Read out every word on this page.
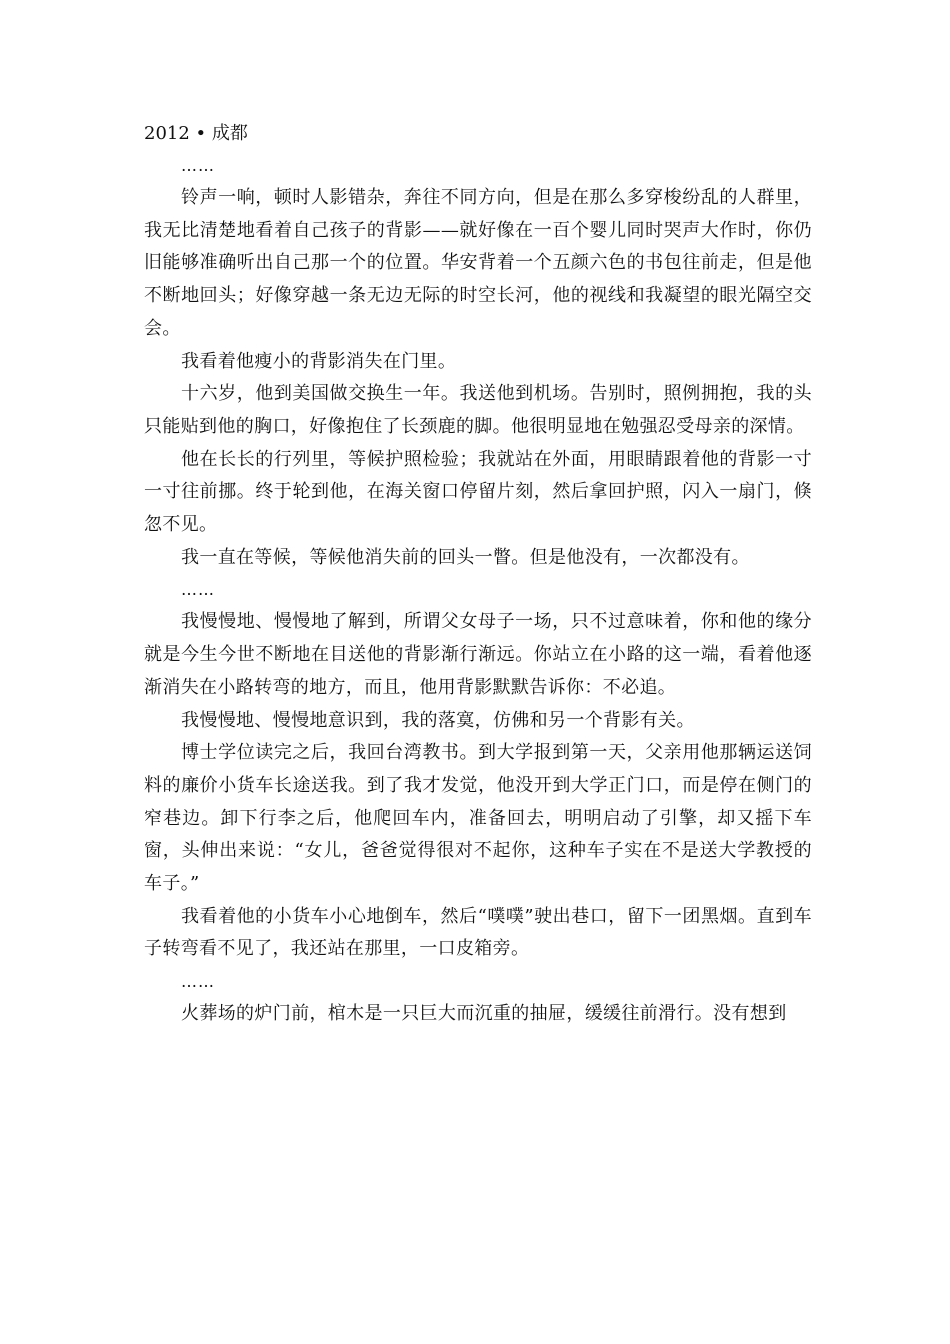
2012 • 成都

……

铃声一响，顿时人影错杂，奔往不同方向，但是在那么多穿梭纷乱的人群里，我无比清楚地看着自己孩子的背影——就好像在一百个婴儿同时哭声大作时，你仍旧能够准确听出自己那一个的位置。华安背着一个五颜六色的书包往前走，但是他不断地回头；好像穿越一条无边无际的时空长河，他的视线和我凝望的眼光隔空交会。

我看着他瘦小的背影消失在门里。

十六岁，他到美国做交换生一年。我送他到机场。告别时，照例拥抱，我的头只能贴到他的胸口，好像抱住了长颈鹿的脚。他很明显地在勉强忍受母亲的深情。

他在长长的行列里，等候护照检验；我就站在外面，用眼睛跟着他的背影一寸一寸往前挪。终于轮到他，在海关窗口停留片刻，然后拿回护照，闪入一扇门，倏忽不见。

我一直在等候，等候他消失前的回头一瞥。但是他没有，一次都没有。

……

我慢慢地、慢慢地了解到，所谓父女母子一场，只不过意味着，你和他的缘分就是今生今世不断地在目送他的背影渐行渐远。你站立在小路的这一端，看着他逐渐消失在小路转弯的地方，而且，他用背影默默告诉你：不必追。

我慢慢地、慢慢地意识到，我的落寞，仿佛和另一个背影有关。

博士学位读完之后，我回台湾教书。到大学报到第一天，父亲用他那辆运送饲料的廉价小货车长途送我。到了我才发觉，他没开到大学正门口，而是停在侧门的窄巷边。卸下行李之后，他爬回车内，准备回去，明明启动了引擎，却又摇下车窗，头伸出来说：“女儿，爸爸觉得很对不起你，这种车子实在不是送大学教授的车子。”

我看着他的小货车小心地倒车，然后“噗噗”驶出巷口，留下一团黑烟。直到车子转弯看不见了，我还站在那里，一口皮箱旁。

……

火葬场的炉门前，棺木是一只巨大而沉重的抽屉，缓缓往前滑行。没有想到
